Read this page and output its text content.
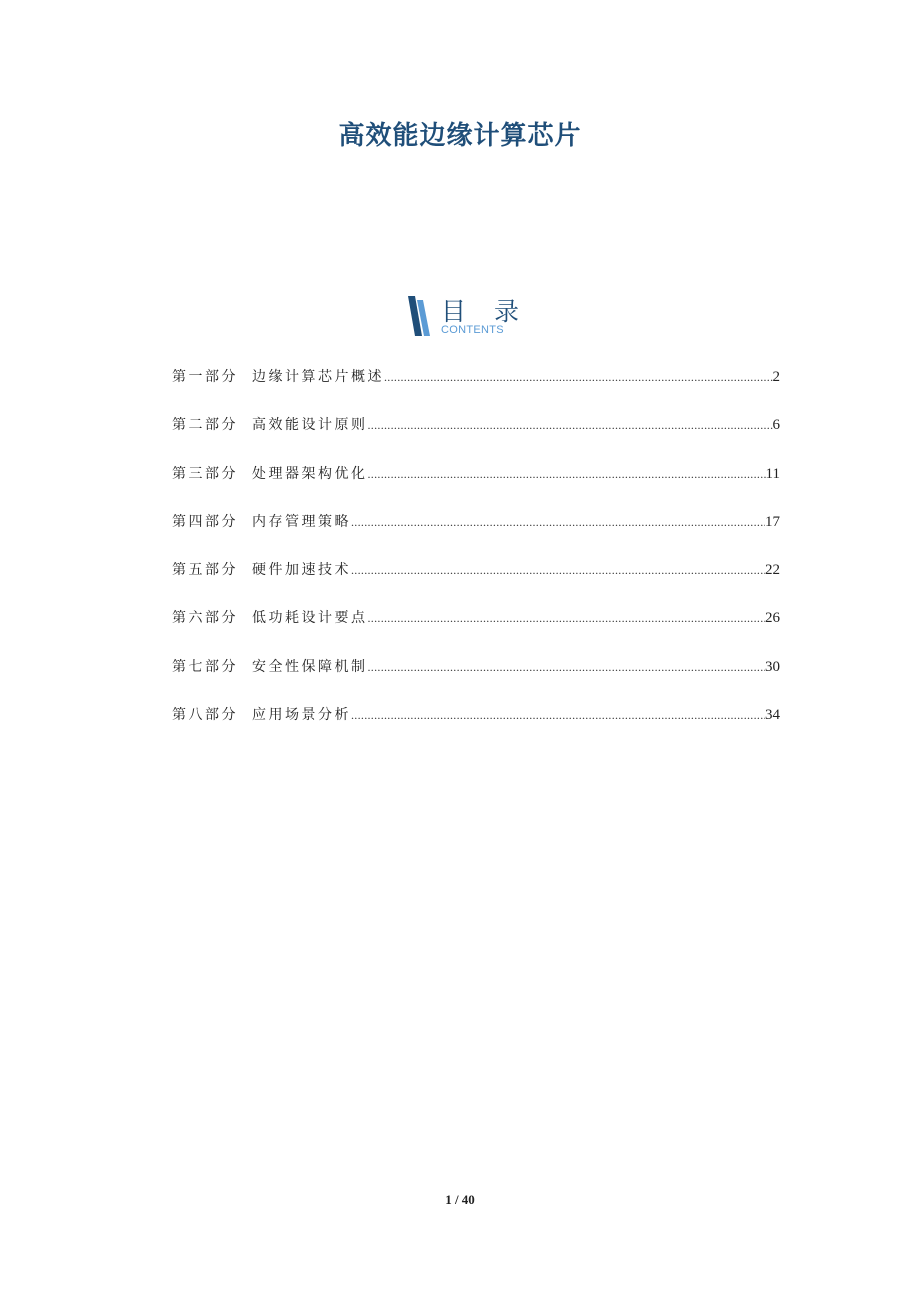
高效能边缘计算芯片
目 录
CONTENTS
第一部分 边缘计算芯片概述 .....	2
第二部分 高效能设计原则 .....	6
第三部分 处理器架构优化 .....	11
第四部分 内存管理策略 .....	17
第五部分 硬件加速技术 .....	22
第六部分 低功耗设计要点 .....	26
第七部分 安全性保障机制 .....	30
第八部分 应用场景分析 .....	34
1 / 40
